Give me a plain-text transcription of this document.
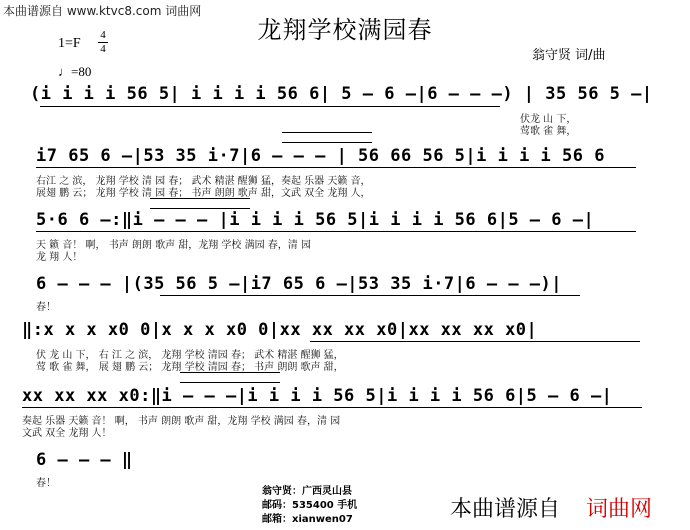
本曲谱源自 www.ktvc8.com 词曲网
龙翔学校满园春
1=F
4
4
♩=80
翁守贤 词/曲
(i i i i 56 5| i i i i 56 6| 5 – 6 –|6 – – –) | 35 56 5 –|
伏龙 山 下，
莺歌 雀 舞，
i7 65 6 –|53 35 i·7|6 – – – | 56 66 56 5|i i i i 56 6
右江 之 滨， 龙翔 学校 清 园 春； 武术 精湛 醒狮 猛，奏起 乐器 天籁 音，
展翅 鹏 云； 龙翔 学校 清 园 春； 书声 朗朗 歌声 甜，文武 双全 龙翔 人，
5·6 6 –:‖i – – – |i i i i 56 5|i i i i 56 6|5 – 6 –|
天 籁 音！ 啊， 书声 朗朗 歌声 甜，龙翔 学校 满园 春，清 园
龙 翔 人！
6 – – – |(35 56 5 –|i7 65 6 –|53 35 i·7|6 – – –)|
春！
‖:x x x x0 0|x x x x0 0|xx xx xx x0|xx xx xx x0|
伏 龙 山 下， 右 江 之 滨， 龙翔 学校 清园 春； 武术 精湛 醒狮 猛，
莺 歌 雀 舞， 展 翅 鹏 云； 龙翔 学校 清园 春； 书声 朗朗 歌声 甜，
xx xx xx x0:‖i – – –|i i i i 56 5|i i i i 56 6|5 – 6 –|
奏起 乐器 天籁 音！ 啊， 书声 朗朗 歌声 甜，龙翔 学校 满园 春，清 园
文武 双全 龙翔 人！
6 – – – ‖
春！
翁守贤：广西灵山县
邮码：535400 手机
邮箱：xianwen07	本曲谱源自 词曲网
